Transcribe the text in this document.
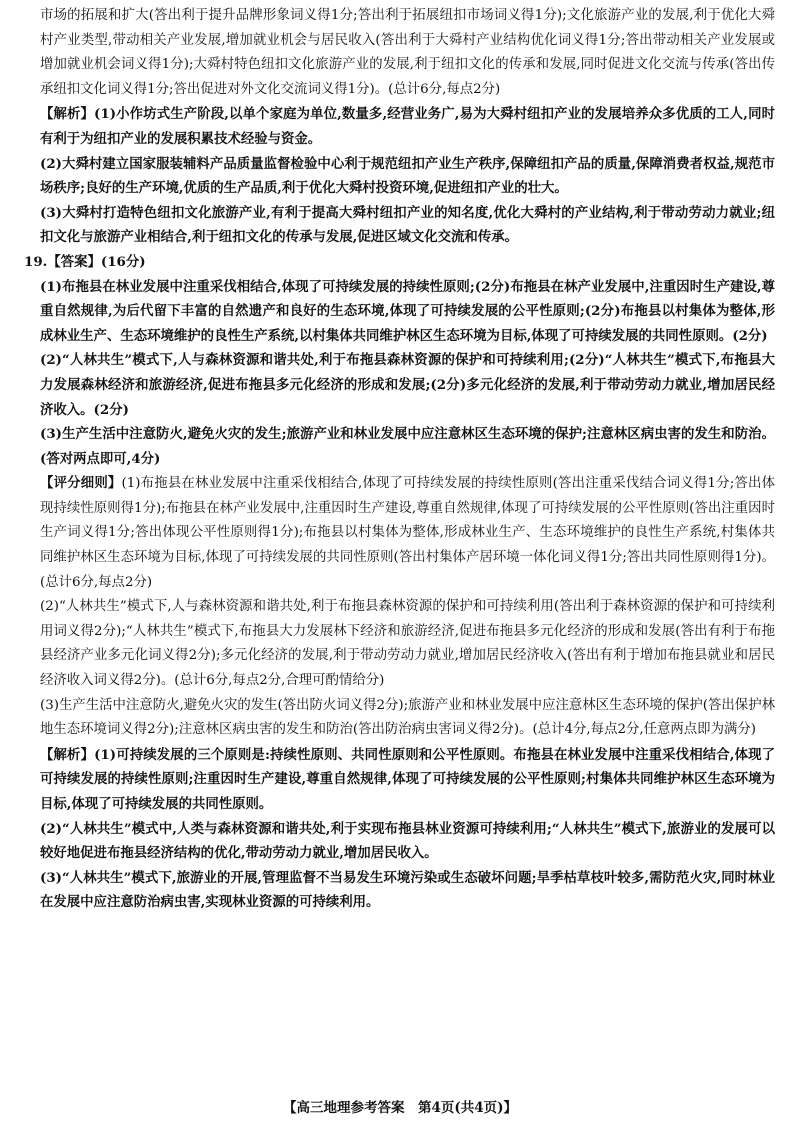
市场的拓展和扩大(答出利于提升品牌形象词义得1分;答出利于拓展纽扣市场词义得1分);文化旅游产业的发展,利于优化大舜村产业类型,带动相关产业发展,增加就业机会与居民收入(答出利于大舜村产业结构优化词义得1分;答出带动相关产业发展或增加就业机会词义得1分);大舜村特色纽扣文化旅游产业的发展,利于纽扣文化的传承和发展,同时促进文化交流与传承(答出传承纽扣文化词义得1分;答出促进对外文化交流词义得1分)。(总计6分,每点2分)

【解析】(1)小作坊式生产阶段,以单个家庭为单位,数量多,经营业务广,易为大舜村纽扣产业的发展培养众多优质的工人,同时有利于为纽扣产业的发展积累技术经验与资金。

(2)大舜村建立国家服装辅料产品质量监督检验中心利于规范纽扣产业生产秩序,保障纽扣产品的质量,保障消费者权益,规范市场秩序;良好的生产环境,优质的生产品质,利于优化大舜村投资环境,促进纽扣产业的壮大。

(3)大舜村打造特色纽扣文化旅游产业,有利于提高大舜村纽扣产业的知名度,优化大舜村的产业结构,利于带动劳动力就业;纽扣文化与旅游产业相结合,利于纽扣文化的传承与发展,促进区域文化交流和传承。

19.【答案】(16分)

(1)布拖县在林业发展中注重采伐相结合,体现了可持续发展的持续性原则;(2分)布拖县在林产业发展中,注重因时生产建设,尊重自然规律,为后代留下丰富的自然遗产和良好的生态环境,体现了可持续发展的公平性原则;(2分)布拖县以村集体为整体,形成林业生产、生态环境维护的良性生产系统,以村集体共同维护林区生态环境为目标,体现了可持续发展的共同性原则。(2分)

(2)“人林共生”模式下,人与森林资源和谐共处,利于布拖县森林资源的保护和可持续利用;(2分)“人林共生”模式下,布拖县大力发展森林经济和旅游经济,促进布拖县多元化经济的形成和发展;(2分)多元化经济的发展,利于带动劳动力就业,增加居民经济收入。(2分)

(3)生产生活中注意防火,避免火灾的发生;旅游产业和林业发展中应注意林区生态环境的保护;注意林区病虫害的发生和防治。(答对两点即可,4分)

【评分细则】(1)布拖县在林业发展中注重采伐相结合,体现了可持续发展的持续性原则(答出注重采伐结合词义得1分;答出体现持续性原则得1分);布拖县在林产业发展中,注重因时生产建设,尊重自然规律,体现了可持续发展的公平性原则(答出注重因时生产词义得1分;答出体现公平性原则得1分);布拖县以村集体为整体,形成林业生产、生态环境维护的良性生产系统,村集体共同维护林区生态环境为目标,体现了可持续发展的共同性原则(答出村集体产居环境一体化词义得1分;答出共同性原则得1分)。(总计6分,每点2分)

(2)“人林共生”模式下,人与森林资源和谐共处,利于布拖县森林资源的保护和可持续利用(答出利于森林资源的保护和可持续利用词义得2分);“人林共生”模式下,布拖县大力发展林下经济和旅游经济,促进布拖县多元化经济的形成和发展(答出有利于布拖县经济产业多元化词义得2分);多元化经济的发展,利于带动劳动力就业,增加居民经济收入(答出有利于增加布拖县就业和居民经济收入词义得2分)。(总计6分,每点2分,合理可酌情给分)

(3)生产生活中注意防火,避免火灾的发生(答出防火词义得2分);旅游产业和林业发展中应注意林区生态环境的保护(答出保护林地生态环境词义得2分);注意林区病虫害的发生和防治(答出防治病虫害词义得2分)。(总计4分,每点2分,任意两点即为满分)

【解析】(1)可持续发展的三个原则是:持续性原则、共同性原则和公平性原则。布拖县在林业发展中注重采伐相结合,体现了可持续发展的持续性原则;注重因时生产建设,尊重自然规律,体现了可持续发展的公平性原则;村集体共同维护林区生态环境为目标,体现了可持续发展的共同性原则。

(2)“人林共生”模式中,人类与森林资源和谐共处,利于实现布拖县林业资源可持续利用;“人林共生”模式下,旅游业的发展可以较好地促进布拖县经济结构的优化,带动劳动力就业,增加居民收入。

(3)“人林共生”模式下,旅游业的开展,管理监督不当易发生环境污染或生态破坏问题;旱季枯草枝叶较多,需防范火灾,同时林业在发展中应注意防治病虫害,实现林业资源的可持续利用。

【高三地理参考答案　第4页(共4页)】
